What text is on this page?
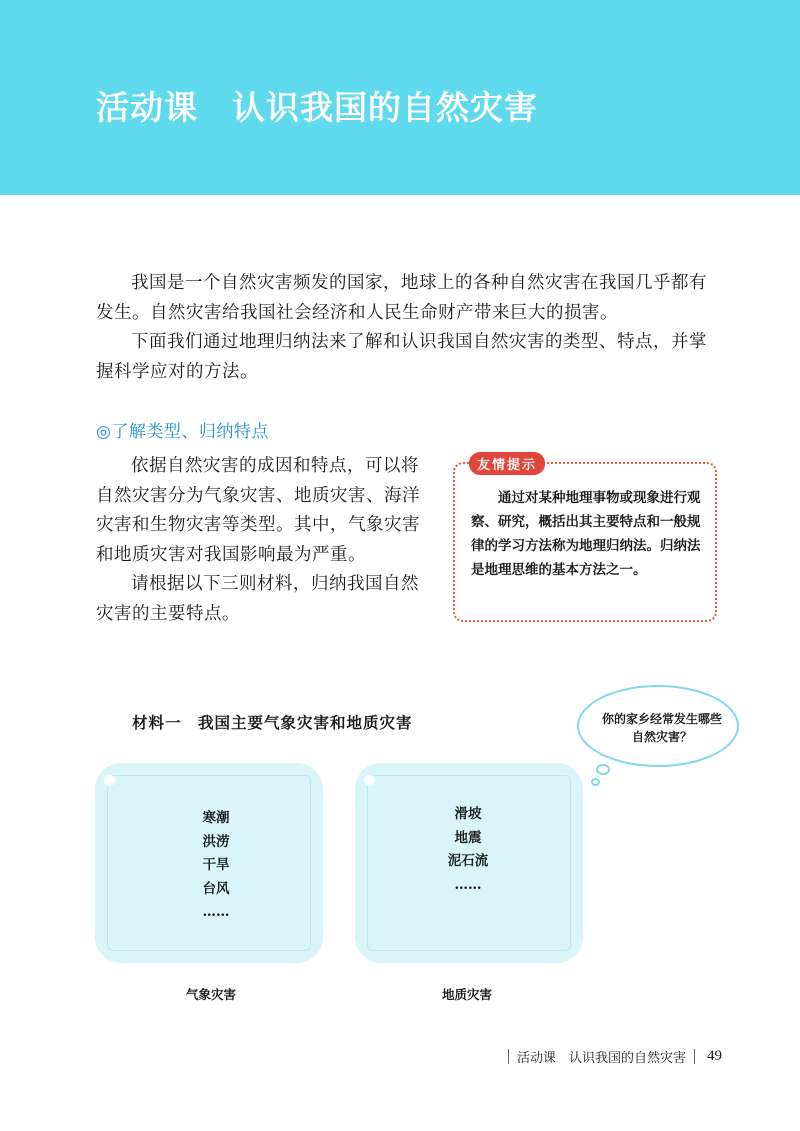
活动课　认识我国的自然灾害

我国是一个自然灾害频发的国家，地球上的各种自然灾害在我国几乎都有发生。自然灾害给我国社会经济和人民生命财产带来巨大的损害。

下面我们通过地理归纳法来了解和认识我国自然灾害的类型、特点，并掌握科学应对的方法。

◎了解类型、归纳特点

依据自然灾害的成因和特点，可以将自然灾害分为气象灾害、地质灾害、海洋灾害和生物灾害等类型。其中，气象灾害和地质灾害对我国影响最为严重。

请根据以下三则材料，归纳我国自然灾害的主要特点。

友情提示

通过对某种地理事物或现象进行观察、研究，概括出其主要特点和一般规律的学习方法称为地理归纳法。归纳法是地理思维的基本方法之一。

材料一　我国主要气象灾害和地质灾害	你的家乡经常发生哪些自然灾害？
寒潮
洪涝
干旱
台风
……
滑坡
地震
泥石流
……
气象灾害	地质灾害
活动课　认识我国的自然灾害 49
